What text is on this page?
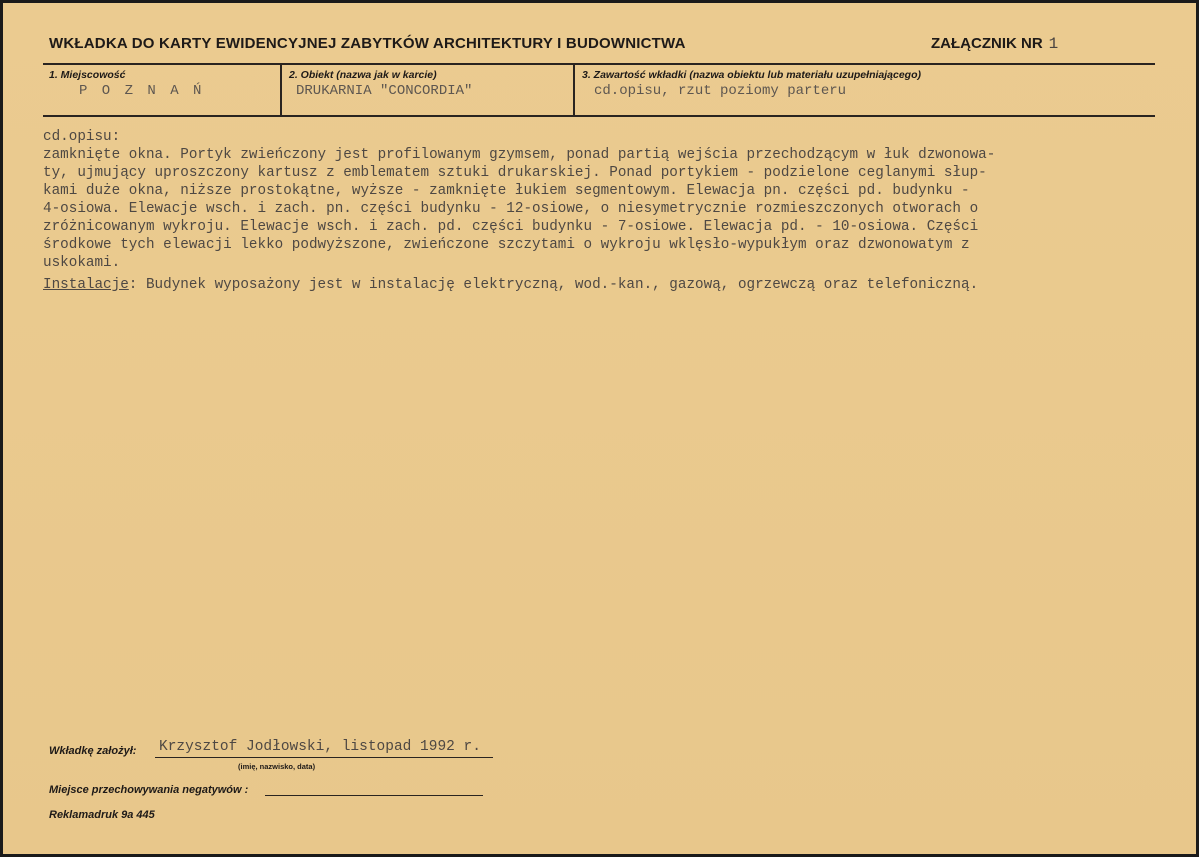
WKŁADKA DO KARTY EWIDENCYJNEJ ZABYTKÓW ARCHITEKTURY I BUDOWNICTWA	ZAŁĄCZNIK NR 1
1. Miejscowość
P O Z N A Ń
2. Obiekt (nazwa jak w karcie)
DRUKARNIA "CONCORDIA"
3. Zawartość wkładki (nazwa obiektu lub materiału uzupełniającego)
cd.opisu, rzut poziomy parteru
cd.opisu:
zamknięte okna. Portyk zwieńczony jest profilowanym gzymsem, ponad partią wejścia przechodzącym w łuk dzwonowa-
ty, ujmujący uproszczony kartusz z emblematem sztuki drukarskiej. Ponad portykiem - podzielone ceglanymi słup-
kami duże okna, niższe prostokątne, wyższe - zamknięte łukiem segmentowym. Elewacja pn. części pd. budynku -
4-osiowa. Elewacje wsch. i zach. pn. części budynku - 12-osiowe, o niesymetrycznie rozmieszczonych otworach o
zróżnicowanym wykroju. Elewacje wsch. i zach. pd. części budynku - 7-osiowe. Elewacja pd. - 10-osiowa. Części
środkowe tych elewacji lekko podwyższone, zwieńczone szczytami o wykroju wklęsło-wypukłym oraz dzwonowatym z
uskokami.
Instalacje: Budynek wyposażony jest w instalację elektryczną, wod.-kan., gazową, ogrzewczą oraz telefoniczną.
Wkładkę założył: Krzysztof Jodłowski, listopad 1992 r.
(imię, nazwisko, data)
Miejsce przechowywania negatywów :
Reklamadruk 9a 445
